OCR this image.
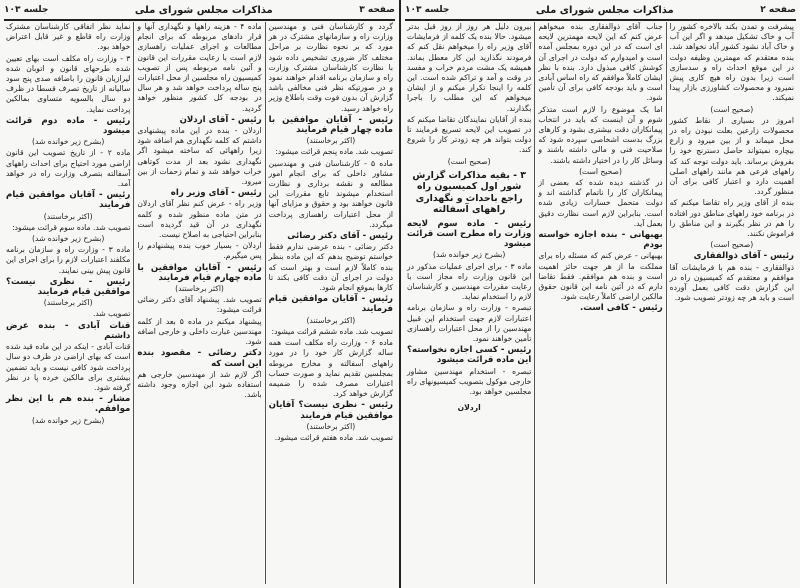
صفحه ۳
مذاکرات مجلس شورای ملی
جلسه ۱۰۳
گردد و کارشناسان فنی و مهندسین وزارت راه و سازمانهای مشترک در هر مورد که بر نحوه نظارت بر مراحل مختلف کار ضروری تشخیص داده شود با نظارت کارشناسان مشترک وزارت راه و سازمان برنامه اقدام خواهند نمود و در صورتیکه نظر فنی مخالفی باشد گزارش آن بدون فوت وقت باطلاع وزیر راه خواهد رسید.
رئیس - آقایان موافقین با ماده چهار قیام فرمایند
(اکثر برخاستند)
تصویب شد. ماده پنجم قرائت میشود:
ماده ۵ - کارشناسان فنی و مهندسین مشاور داخلی که برای انجام امور مطالعه و نقشه برداری و نظارت استخدام میشوند تابع مقررات این قانون خواهند بود و حقوق و مزایای آنها از محل اعتبارات راهسازی پرداخت میگردد.
رئیس - آقای دکتر رضائی
دکتر رضائی - بنده عرضی ندارم فقط خواستم توضیح بدهم که این ماده بنظر بنده کاملاً لازم است و بهتر است که دولت در اجرای آن دقت کافی بکند تا کارها بموقع انجام شود.
رئیس - آقایان موافقین قیام فرمایند
(اکثر برخاستند)
تصویب شد. ماده ششم قرائت میشود:
ماده ۶ - وزارت راه مکلف است همه ساله گزارش کار خود را در مورد راههای آسفالته و مخارج مربوطه بمجلسین تقدیم نماید و صورت حساب اعتبارات مصرف شده را ضمیمه گزارش خواهد کرد.
رئیس - نظری نیست؟ آقایان موافقین قیام فرمایند
(اکثر برخاستند)
تصویب شد. ماده هفتم قرائت میشود.
ماده ۴ - هزینه راهها و نگهداری آنها و قرار دادهای مربوطه که برای انجام مطالعات و اجرای عملیات راهسازی لازم است با رعایت مقررات این قانون و آئین نامه مربوطه پس از تصویب کمیسیون راه مجلسین از محل اعتبارات پنج ساله پرداخت خواهد شد و هر سال در بودجه کل کشور منظور خواهد گردید.
رئیس - آقای اردلان
اردلان - بنده در این ماده پیشنهادی داشتم که کلمه نگهداری هم اضافه شود زیرا راههائی که ساخته میشود اگر نگهداری نشود بعد از مدت کوتاهی خراب خواهد شد و تمام زحمات از بین میرود.
رئیس - آقای وزیر راه
وزیر راه - عرض کنم نظر آقای اردلان در متن ماده منظور شده و کلمه نگهداری در آن قید گردیده است بنابراین احتیاجی به اصلاح نیست.
اردلان - بسیار خوب بنده پیشنهادم را پس میگیرم.
رئیس - آقایان موافقین با ماده چهارم قیام فرمایند
(اکثر برخاستند)
تصویب شد. پیشنهاد آقای دکتر رضائی قرائت میشود:
پیشنهاد میکنم در ماده ۵ بعد از کلمه مهندسین عبارت داخلی و خارجی اضافه شود.
دکتر رضائی - مقصود بنده این است که
اگر لازم شد از مهندسین خارجی هم استفاده شود این اجازه وجود داشته باشد.
نماید نظر اتفاقی کارشناسان مشترک وزارت راه قاطع و غیر قابل اعتراض خواهد بود.
۳ - وزارت راه مکلف است بهای تعیین شده طرحهای قانون و اتوبان شده لیرازیان قانون را باضافه صدی پنج سود سالیانه از تاریخ تصرف قسطا در ظرف دو سال بالسویه متساوی بمالکین پرداخت نماید.
رئیس - ماده دوم قرائت میشود
(بشرح زیر خوانده شد)
ماده ۲ - از تاریخ تصویب این قانون اراضی مورد احتیاج برای احداث راههای آسفالته بتصرف وزارت راه در خواهد آمد.
رئیس - آقایان موافقین قیام فرمایند
(اکثر برخاستند)
تصویب شد. ماده سوم قرائت میشود:
(بشرح زیر خوانده شد)
ماده ۳ - وزارت راه و سازمان برنامه مکلفند اعتبارات لازم را برای اجرای این قانون پیش بینی نمایند.
رئیس - نظری نیست؟ موافقین قیام فرمایند
(اکثر برخاستند)
تصویب شد.
قنات آبادی - بنده عرض داشتم
قنات آبادی - اینکه در این ماده قید شده است که بهای اراضی در ظرف دو سال پرداخت شود کافی نیست و باید تضمین بیشتری برای مالکین خرده پا در نظر گرفته شود.
مشار - بنده هم با این نظر موافقم.
(بشرح زیر خوانده شد)
صفحه ۲
مذاکرات مجلس شورای ملی
جلسه ۱۰۳
پیشرفت و تمدن بکند بالاخره کشور را آب و خاک تشکیل میدهد و اگر این آب و خاک آباد نشود کشور آباد نخواهد شد. بنده معتقدم که مهمترین وظیفه دولت در این موقع احداث راه و سدسازی است زیرا بدون راه هیچ کاری پیش نمیرود و محصولات کشاورزی بازار پیدا نمیکند.
(صحیح است)
امروز در بسیاری از نقاط کشور محصولات زارعین بعلت نبودن راه در محل میماند و از بین میرود و زارع بیچاره نمیتواند حاصل دسترنج خود را بفروش برساند. باید دولت توجه کند که راههای فرعی هم مانند راههای اصلی اهمیت دارد و اعتبار کافی برای آن منظور گردد.
بنده از آقای وزیر راه تقاضا میکنم که در برنامه خود راههای مناطق دور افتاده را هم در نظر بگیرند و این مناطق را فراموش نکنند.
(صحیح است)
رئیس - آقای ذوالفقاری
ذوالفقاری - بنده هم با فرمایشات آقا موافقم و معتقدم که کمیسیون راه در این گزارش دقت کافی بعمل آورده است و باید هر چه زودتر تصویب شود.
جناب آقای ذوالفقاری بنده میخواهم عرض کنم که این لایحه مهمترین لایحه ای است که در این دوره بمجلس آمده است و امیدوارم که دولت در اجرای آن کوشش کافی مبذول دارد. بنده با نظر ایشان کاملاً موافقم که راه اساس آبادی است و باید بودجه کافی برای آن تأمین شود.
اما یک موضوع را لازم است متذکر شوم و آن اینست که باید در انتخاب پیمانکاران دقت بیشتری بشود و کارهای بزرگ بدست اشخاصی سپرده شود که صلاحیت فنی و مالی داشته باشند و وسائل کار را در اختیار داشته باشند.
(صحیح است)
در گذشته دیده شده که بعضی از پیمانکاران کار را ناتمام گذاشته اند و دولت متحمل خسارات زیادی شده است. بنابراین لازم است نظارت دقیق بعمل آید.
بهبهانی - بنده اجازه خواسته بودم
بهبهانی - عرض کنم که مسئله راه برای مملکت ما از هر جهت حائز اهمیت است و بنده هم موافقم. فقط تقاضا دارم که در آئین نامه این قانون حقوق مالکین اراضی کاملاً رعایت شود.
رئیس - کافی است.
بیرون دلیل هر روز از روز قبل بدتر میشود. حالا بنده یک کلمه از فرمایشات آقای وزیر راه را میخواهم نقل کنم که فرمودند نگذارید این کار معطل بماند. همیشه یک مشت مردم خراب و مفسد در وقت و آمد و تراکم شده است. این کلمه را اینجا تکرار میکنم و از ایشان میخواهم که این مطلب را باجرا بگذارند.
بنده از آقایان نمایندگان تقاضا میکنم که در تصویب این لایحه تسریع فرمایند تا دولت بتواند هر چه زودتر کار را شروع کند.
(صحیح است)
۳ - بقیه مذاکرات گزارش شور اول کمیسیون راه راجع باحداث و نگهداری راههای آسفالته
رئیس - ماده سوم لایحه وزارت راه مطرح است قرائت میشود
(بشرح زیر خوانده شد)
ماده ۳ - برای اجرای عملیات مذکور در این قانون وزارت راه مجاز است با رعایت مقررات مهندسین و کارشناسان لازم را استخدام نماید.
تبصره - وزارت راه و سازمان برنامه اعتبارات لازم جهت استخدام این قبیل مهندسین را از محل اعتبارات راهسازی تأمین خواهند نمود.
رئیس - کسی اجازه نخواسته؟ این ماده قرائت میشود
تبصره - استخدام مهندسین مشاور خارجی موکول بتصویب کمیسیونهای راه مجلسین خواهد بود.
اردلان
